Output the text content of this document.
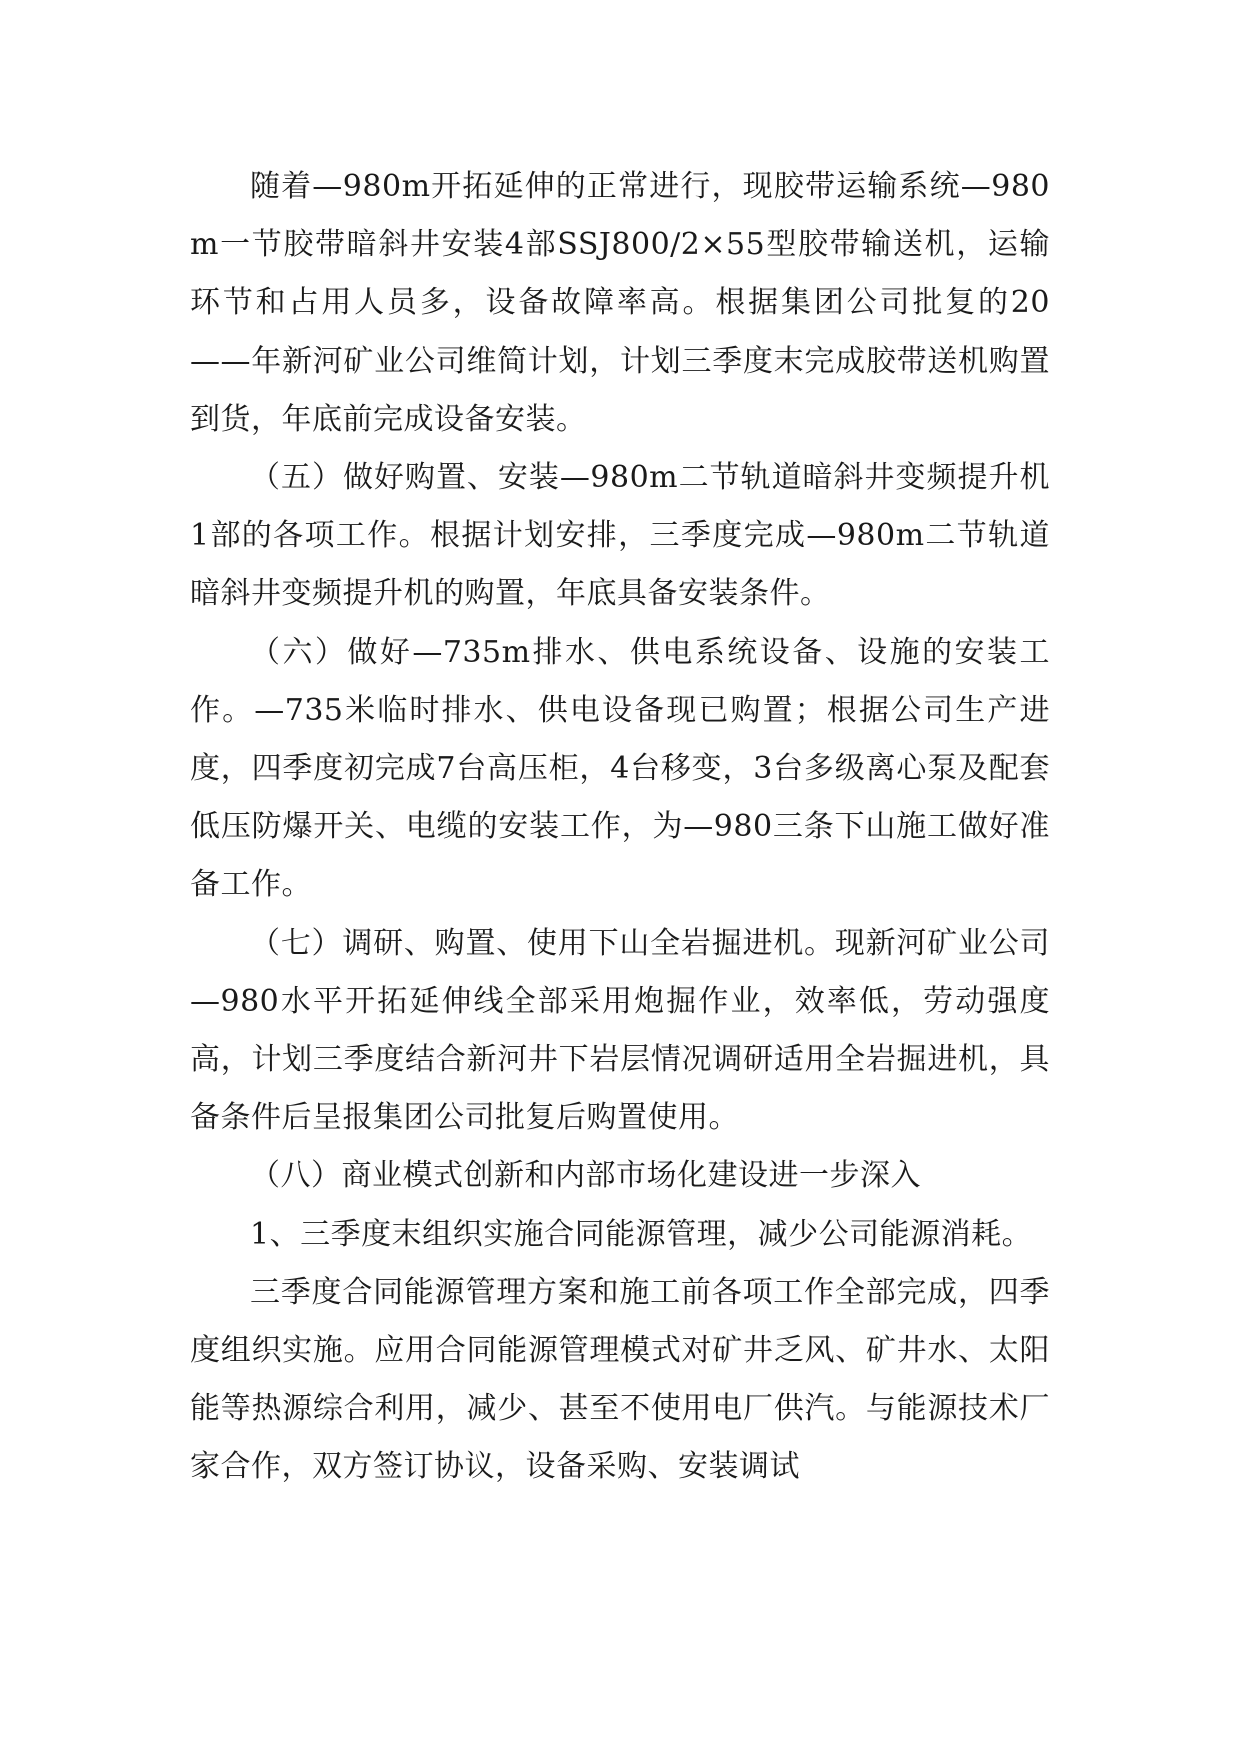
随着—980m开拓延伸的正常进行，现胶带运输系统—980m一节胶带暗斜井安装4部SSJ800/2×55型胶带输送机，运输环节和占用人员多，设备故障率高。根据集团公司批复的20——年新河矿业公司维简计划，计划三季度末完成胶带送机购置到货，年底前完成设备安装。

（五）做好购置、安装—980m二节轨道暗斜井变频提升机1部的各项工作。根据计划安排，三季度完成—980m二节轨道暗斜井变频提升机的购置，年底具备安装条件。

（六）做好—735m排水、供电系统设备、设施的安装工作。—735米临时排水、供电设备现已购置；根据公司生产进度，四季度初完成7台高压柜，4台移变，3台多级离心泵及配套低压防爆开关、电缆的安装工作，为—980三条下山施工做好准备工作。

（七）调研、购置、使用下山全岩掘进机。现新河矿业公司—980水平开拓延伸线全部采用炮掘作业，效率低，劳动强度高，计划三季度结合新河井下岩层情况调研适用全岩掘进机，具备条件后呈报集团公司批复后购置使用。

（八）商业模式创新和内部市场化建设进一步深入

1、三季度末组织实施合同能源管理，减少公司能源消耗。

三季度合同能源管理方案和施工前各项工作全部完成，四季度组织实施。应用合同能源管理模式对矿井乏风、矿井水、太阳能等热源综合利用，减少、甚至不使用电厂供汽。与能源技术厂家合作，双方签订协议，设备采购、安装调试
